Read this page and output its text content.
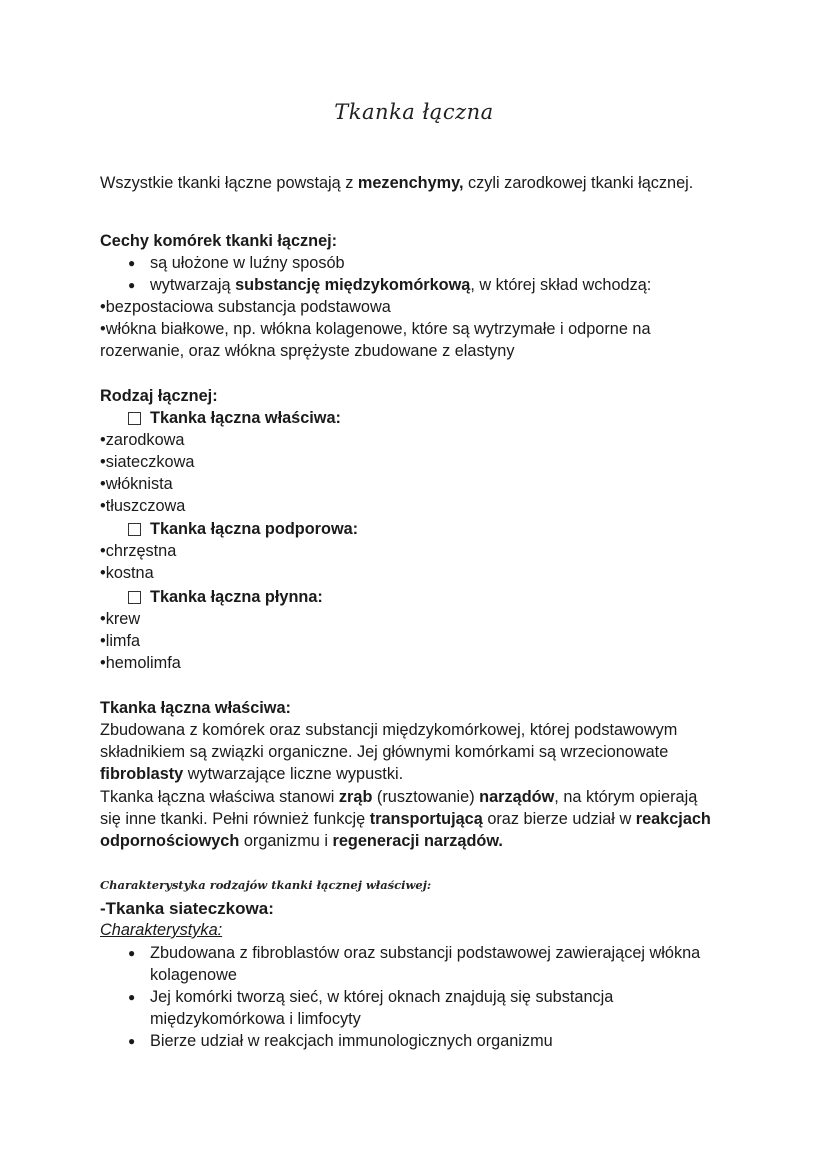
Tkanka łączna
Wszystkie tkanki łączne powstają z mezenchymy, czyli zarodkowej tkanki łącznej.
Cechy komórek tkanki łącznej:
● są ułożone w luźny sposób
● wytwarzają substancję międzykomórkową, w której skład wchodzą:
•bezpostaciowa substancja podstawowa
•włókna białkowe, np. włókna kolagenowe, które są wytrzymałe i odporne na
rozerwanie, oraz włókna sprężyste zbudowane z elastyny
Rodzaj łącznej:
Tkanka łączna właściwa:
•zarodkowa
•siateczkowa
•włóknista
•tłuszczowa
Tkanka łączna podporowa:
•chrzęstna
•kostna
Tkanka łączna płynna:
•krew
•limfa
•hemolimfa
Tkanka łączna właściwa:
Zbudowana z komórek oraz substancji międzykomórkowej, której podstawowym
składnikiem są związki organiczne. Jej głównymi komórkami są wrzecionowate
fibroblasty wytwarzające liczne wypustki.
Tkanka łączna właściwa stanowi zrąb (rusztowanie) narządów, na którym opierają
się inne tkanki. Pełni również funkcję transportującą oraz bierze udział w reakcjach
odpornościowych organizmu i regeneracji narządów.
Charakterystyka rodzajów tkanki łącznej właściwej:
-Tkanka siateczkowa:
Charakterystyka:
● Zbudowana z fibroblastów oraz substancji podstawowej zawierającej włókna
kolagenowe
● Jej komórki tworzą sieć, w której oknach znajdują się substancja
międzykomórkowa i limfocyty
● Bierze udział w reakcjach immunologicznych organizmu
